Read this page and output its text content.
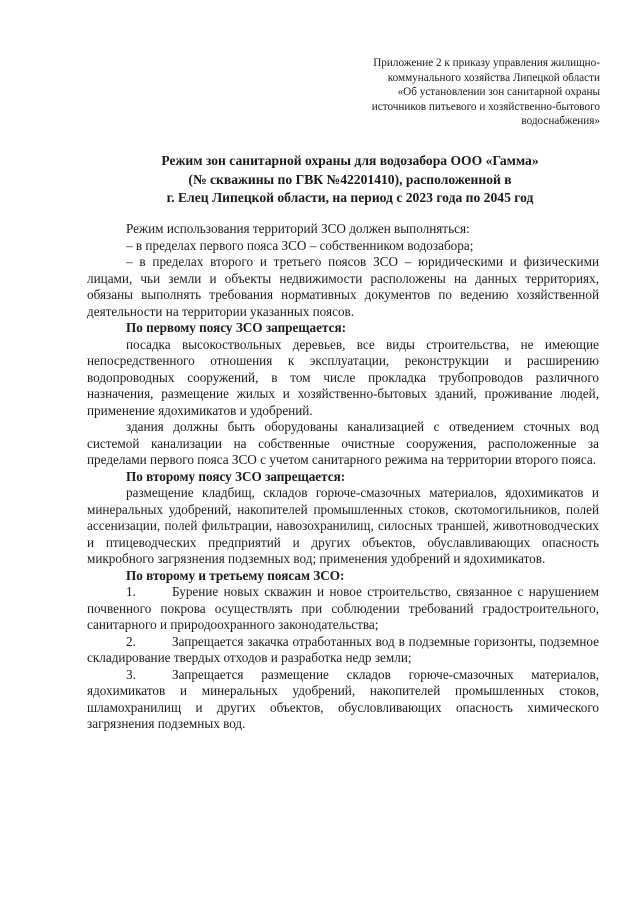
Приложение 2 к приказу управления жилищно-
коммунального хозяйства Липецкой области
«Об установлении зон санитарной охраны
источников питьевого и хозяйственно-бытового
водоснабжения»
Режим зон санитарной охраны для водозабора ООО «Гамма»
(№ скважины по ГВК №42201410), расположенной в
г. Елец Липецкой области, на период с 2023 года по 2045 год

Режим использования территорий ЗСО должен выполняться:

– в пределах первого пояса ЗСО – собственником водозабора;

– в пределах второго и третьего поясов ЗСО – юридическими и физическими лицами, чьи земли и объекты недвижимости расположены на данных территориях, обязаны выполнять требования нормативных документов по ведению хозяйственной деятельности на территории указанных поясов.

По первому поясу ЗСО запрещается:

посадка высокоствольных деревьев, все виды строительства, не имеющие непосредственного отношения к эксплуатации, реконструкции и расширению водопроводных сооружений, в том числе прокладка трубопроводов различного назначения, размещение жилых и хозяйственно-бытовых зданий, проживание людей, применение ядохимикатов и удобрений.

здания должны быть оборудованы канализацией с отведением сточных вод системой канализации на собственные очистные сооружения, расположенные за пределами первого пояса ЗСО с учетом санитарного режима на территории второго пояса.

По второму поясу ЗСО запрещается:

размещение кладбищ, складов горюче-смазочных материалов, ядохимикатов и минеральных удобрений, накопителей промышленных стоков, скотомогильников, полей ассенизации, полей фильтрации, навозохранилищ, силосных траншей, животноводческих и птицеводческих предприятий и других объектов, обуславливающих опасность микробного загрязнения подземных вод; применения удобрений и ядохимикатов.

По второму и третьему поясам ЗСО:

1.	Бурение новых скважин и новое строительство, связанное с нарушением почвенного покрова осуществлять при соблюдении требований градостроительного, санитарного и природоохранного законодательства;

2.	Запрещается закачка отработанных вод в подземные горизонты, подземное складирование твердых отходов и разработка недр земли;

3.	Запрещается размещение складов горюче-смазочных материалов, ядохимикатов и минеральных удобрений, накопителей промышленных стоков, шламохранилищ и других объектов, обусловливающих опасность химического загрязнения подземных вод.
